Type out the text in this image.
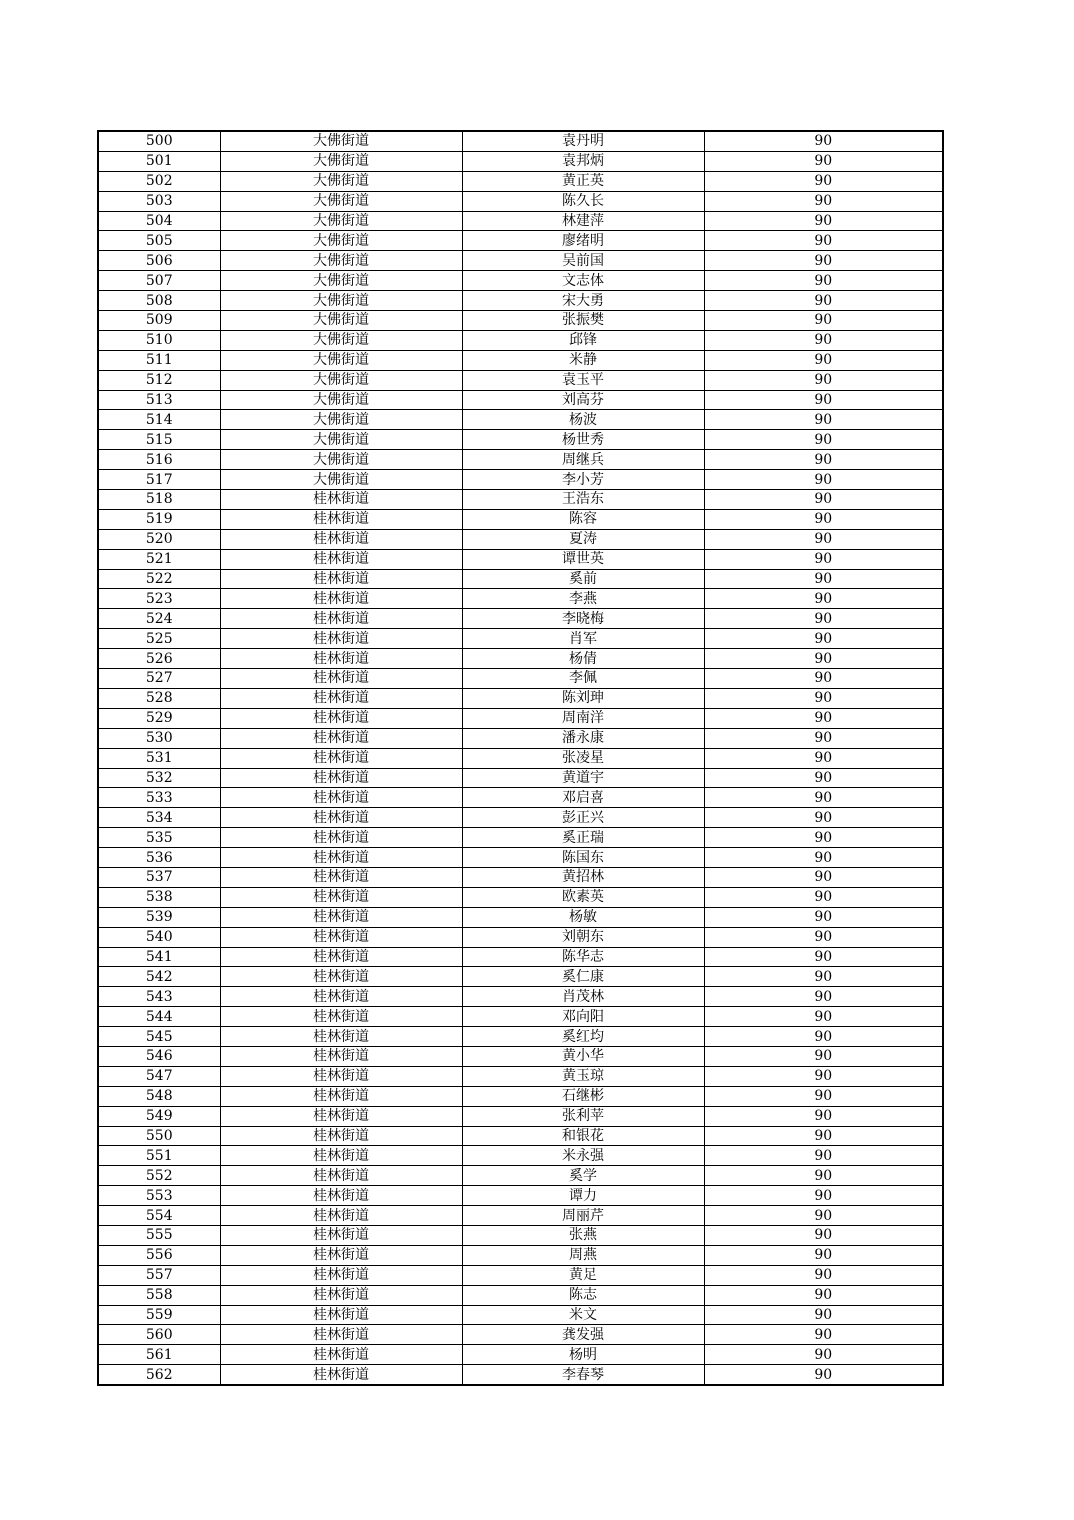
500	大佛街道	袁丹明	90
501	大佛街道	袁邦炳	90
502	大佛街道	黄正英	90
503	大佛街道	陈久长	90
504	大佛街道	林建萍	90
505	大佛街道	廖绪明	90
506	大佛街道	吴前国	90
507	大佛街道	文志体	90
508	大佛街道	宋大勇	90
509	大佛街道	张振樊	90
510	大佛街道	邱锋	90
511	大佛街道	米静	90
512	大佛街道	袁玉平	90
513	大佛街道	刘高芬	90
514	大佛街道	杨波	90
515	大佛街道	杨世秀	90
516	大佛街道	周继兵	90
517	大佛街道	李小芳	90
518	桂林街道	王浩东	90
519	桂林街道	陈容	90
520	桂林街道	夏涛	90
521	桂林街道	谭世英	90
522	桂林街道	奚前	90
523	桂林街道	李燕	90
524	桂林街道	李晓梅	90
525	桂林街道	肖军	90
526	桂林街道	杨倩	90
527	桂林街道	李佩	90
528	桂林街道	陈刘珅	90
529	桂林街道	周南洋	90
530	桂林街道	潘永康	90
531	桂林街道	张凌星	90
532	桂林街道	黄道宇	90
533	桂林街道	邓启喜	90
534	桂林街道	彭正兴	90
535	桂林街道	奚正瑞	90
536	桂林街道	陈国东	90
537	桂林街道	黄招林	90
538	桂林街道	欧素英	90
539	桂林街道	杨敏	90
540	桂林街道	刘朝东	90
541	桂林街道	陈华志	90
542	桂林街道	奚仁康	90
543	桂林街道	肖茂林	90
544	桂林街道	邓向阳	90
545	桂林街道	奚红均	90
546	桂林街道	黄小华	90
547	桂林街道	黄玉琼	90
548	桂林街道	石继彬	90
549	桂林街道	张利苹	90
550	桂林街道	和银花	90
551	桂林街道	米永强	90
552	桂林街道	奚学	90
553	桂林街道	谭力	90
554	桂林街道	周丽芹	90
555	桂林街道	张燕	90
556	桂林街道	周燕	90
557	桂林街道	黄足	90
558	桂林街道	陈志	90
559	桂林街道	米文	90
560	桂林街道	龚发强	90
561	桂林街道	杨明	90
562	桂林街道	李春琴	90
